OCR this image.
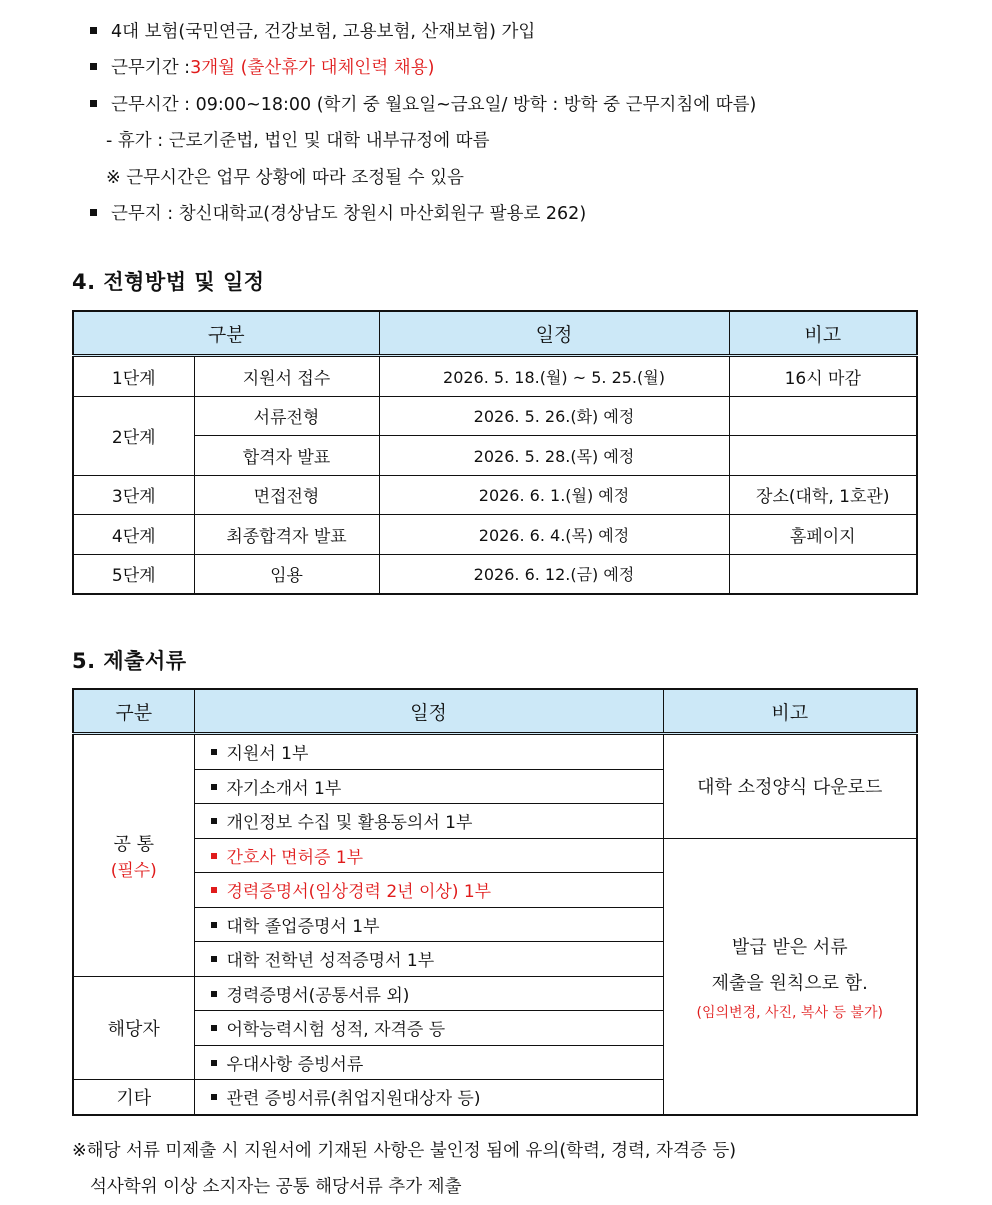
4대 보험(국민연금, 건강보험, 고용보험, 산재보험) 가입
근무기간 : 3개월 (출산휴가 대체인력 채용)
근무시간 : 09:00~18:00 (학기 중 월요일~금요일/ 방학 : 방학 중 근무지침에 따름)
- 휴가 : 근로기준법, 법인 및 대학 내부규정에 따름
※ 근무시간은 업무 상황에 따라 조정될 수 있음
근무지 : 창신대학교(경상남도 창원시 마산회원구 팔용로 262)
4. 전형방법 및 일정
구분		일정	비고
1단계	지원서 접수	2026. 5. 18.(월) ~ 5. 25.(월)	16시 마감
2단계	서류전형	2026. 5. 26.(화) 예정	
	합격자 발표	2026. 5. 28.(목) 예정	
3단계	면접전형	2026. 6. 1.(월) 예정	장소(대학, 1호관)
4단계	최종합격자 발표	2026. 6. 4.(목) 예정	홈페이지
5단계	임용	2026. 6. 12.(금) 예정	
5. 제출서류
구분	일정	비고

공 통
(필수)	지원서 1부	대학 소정양식 다운로드
	자기소개서 1부	
	개인정보 수집 및 활용동의서 1부	
	간호사 면허증 1부	발급 받은 서류
제출을 원칙으로 함.
(임의변경, 사진, 복사 등 불가)

	경력증명서(임상경력 2년 이상) 1부	
	대학 졸업증명서 1부	
	대학 전학년 성적증명서 1부	
해당자	경력증명서(공통서류 외)	
	어학능력시험 성적, 자격증 등	
	우대사항 증빙서류	
기타	관련 증빙서류(취업지원대상자 등)	
※해당 서류 미제출 시 지원서에 기재된 사항은 불인정 됨에 유의(학력, 경력, 자격증 등)
석사학위 이상 소지자는 공통 해당서류 추가 제출
